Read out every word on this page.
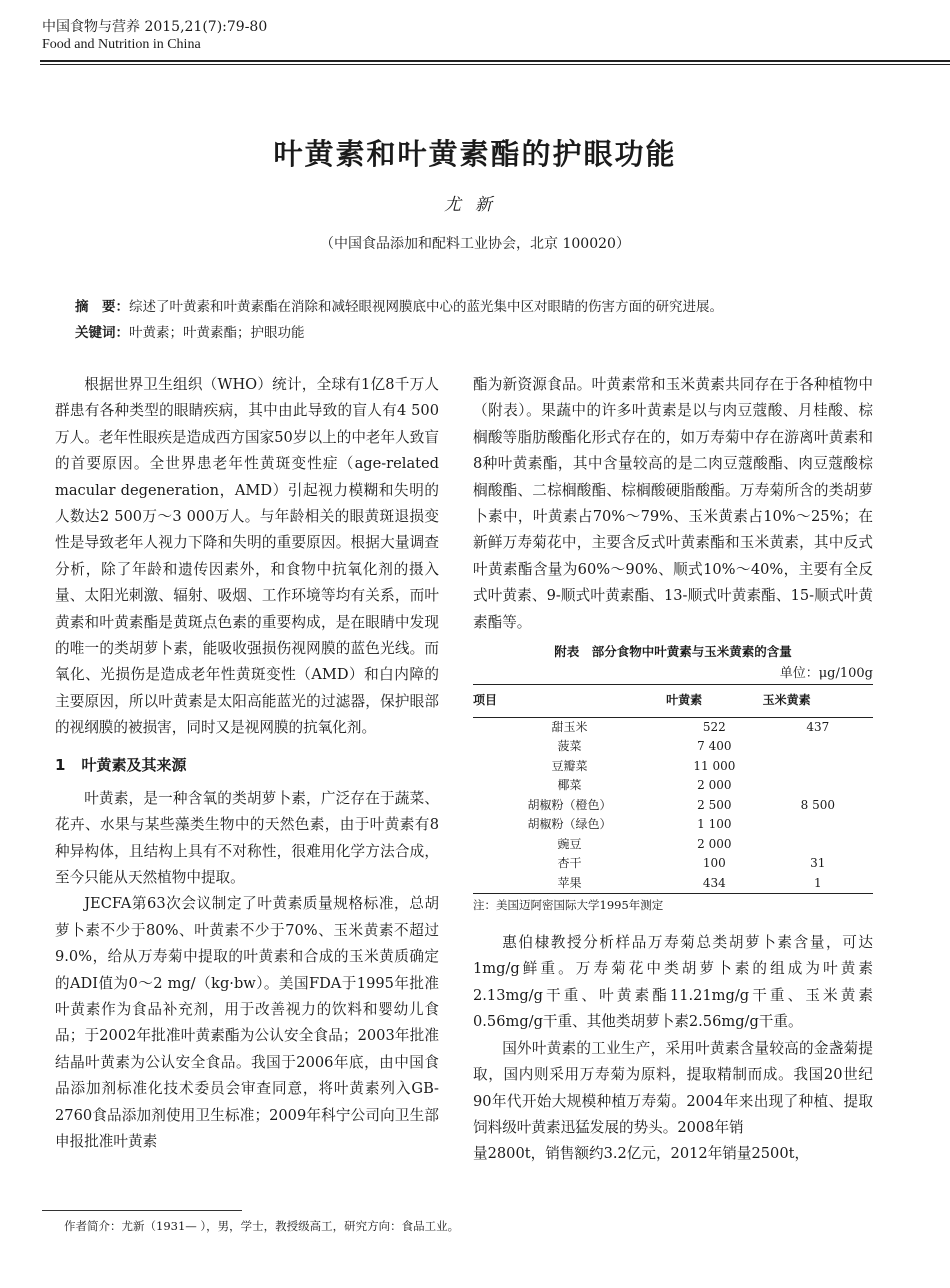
中国食物与营养 2015,21(7):79-80
Food and Nutrition in China
叶黄素和叶黄素酯的护眼功能
尤新
（中国食品添加和配料工业协会，北京 100020）
摘　要：综述了叶黄素和叶黄素酯在消除和减轻眼视网膜底中心的蓝光集中区对眼睛的伤害方面的研究进展。
关键词：叶黄素；叶黄素酯；护眼功能

根据世界卫生组织（WHO）统计，全球有1亿8千万人群患有各种类型的眼睛疾病，其中由此导致的盲人有4 500万人。老年性眼疾是造成西方国家50岁以上的中老年人致盲的首要原因。全世界患老年性黄斑变性症（age-related macular degeneration，AMD）引起视力模糊和失明的人数达2 500万～3 000万人。与年龄相关的眼黄斑退损变性是导致老年人视力下降和失明的重要原因。根据大量调查分析，除了年龄和遗传因素外，和食物中抗氧化剂的摄入量、太阳光刺激、辐射、吸烟、工作环境等均有关系，而叶黄素和叶黄素酯是黄斑点色素的重要构成，是在眼睛中发现的唯一的类胡萝卜素，能吸收强损伤视网膜的蓝色光线。而氧化、光损伤是造成老年性黄斑变性（AMD）和白内障的主要原因，所以叶黄素是太阳高能蓝光的过滤器，保护眼部的视纲膜的被损害，同时又是视网膜的抗氧化剂。

1 叶黄素及其来源

叶黄素，是一种含氧的类胡萝卜素，广泛存在于蔬菜、花卉、水果与某些藻类生物中的天然色素，由于叶黄素有8种异构体，且结构上具有不对称性，很难用化学方法合成，至今只能从天然植物中提取。

JECFA第63次会议制定了叶黄素质量规格标准，总胡萝卜素不少于80%、叶黄素不少于70%、玉米黄素不超过9.0%，给从万寿菊中提取的叶黄素和合成的玉米黄质确定的ADI值为0～2 mg/（kg·bw）。美国FDA于1995年批准叶黄素作为食品补充剂，用于改善视力的饮料和婴幼儿食品；于2002年批准叶黄素酯为公认安全食品；2003年批准结晶叶黄素为公认安全食品。我国于2006年底，由中国食品添加剂标准化技术委员会审查同意，将叶黄素列入GB-2760食品添加剂使用卫生标准；2009年科宁公司向卫生部申报批准叶黄素

酯为新资源食品。叶黄素常和玉米黄素共同存在于各种植物中（附表）。果蔬中的许多叶黄素是以与肉豆蔻酸、月桂酸、棕榈酸等脂肪酸酯化形式存在的，如万寿菊中存在游离叶黄素和8种叶黄素酯，其中含量较高的是二肉豆蔻酸酯、肉豆蔻酸棕榈酸酯、二棕榈酸酯、棕榈酸硬脂酸酯。万寿菊所含的类胡萝卜素中，叶黄素占70%～79%、玉米黄素占10%～25%；在新鲜万寿菊花中，主要含反式叶黄素酯和玉米黄素，其中反式叶黄素酯含量为60%～90%、顺式10%～40%，主要有全反式叶黄素、9-顺式叶黄素酯、13-顺式叶黄素酯、15-顺式叶黄素酯等。

附表　部分食物中叶黄素与玉米黄素的含量
单位：μg/100g
项目	叶黄素	玉米黄素
甜玉米	522	437
菠菜	7 400	
豆瓣菜	11 000	
椰菜	2 000	
胡椒粉（橙色）	2 500	8 500
胡椒粉（绿色）	1 100	
豌豆	2 000	
杏干	100	31
苹果	434	1
注：美国迈阿密国际大学1995年测定

惠伯棣教授分析样品万寿菊总类胡萝卜素含量，可达1mg/g鲜重。万寿菊花中类胡萝卜素的组成为叶黄素2.13mg/g干重、叶黄素酯11.21mg/g干重、玉米黄素0.56mg/g干重、其他类胡萝卜素2.56mg/g干重。

国外叶黄素的工业生产，采用叶黄素含量较高的金盏菊提取，国内则采用万寿菊为原料，提取精制而成。我国20世纪90年代开始大规模种植万寿菊。2004年来出现了种植、提取饲料级叶黄素迅猛发展的势头。2008年销

量2800t，销售额约3.2亿元，2012年销量2500t，

作者简介：尤新（1931— ），男，学士，教授级高工，研究方向：食品工业。
